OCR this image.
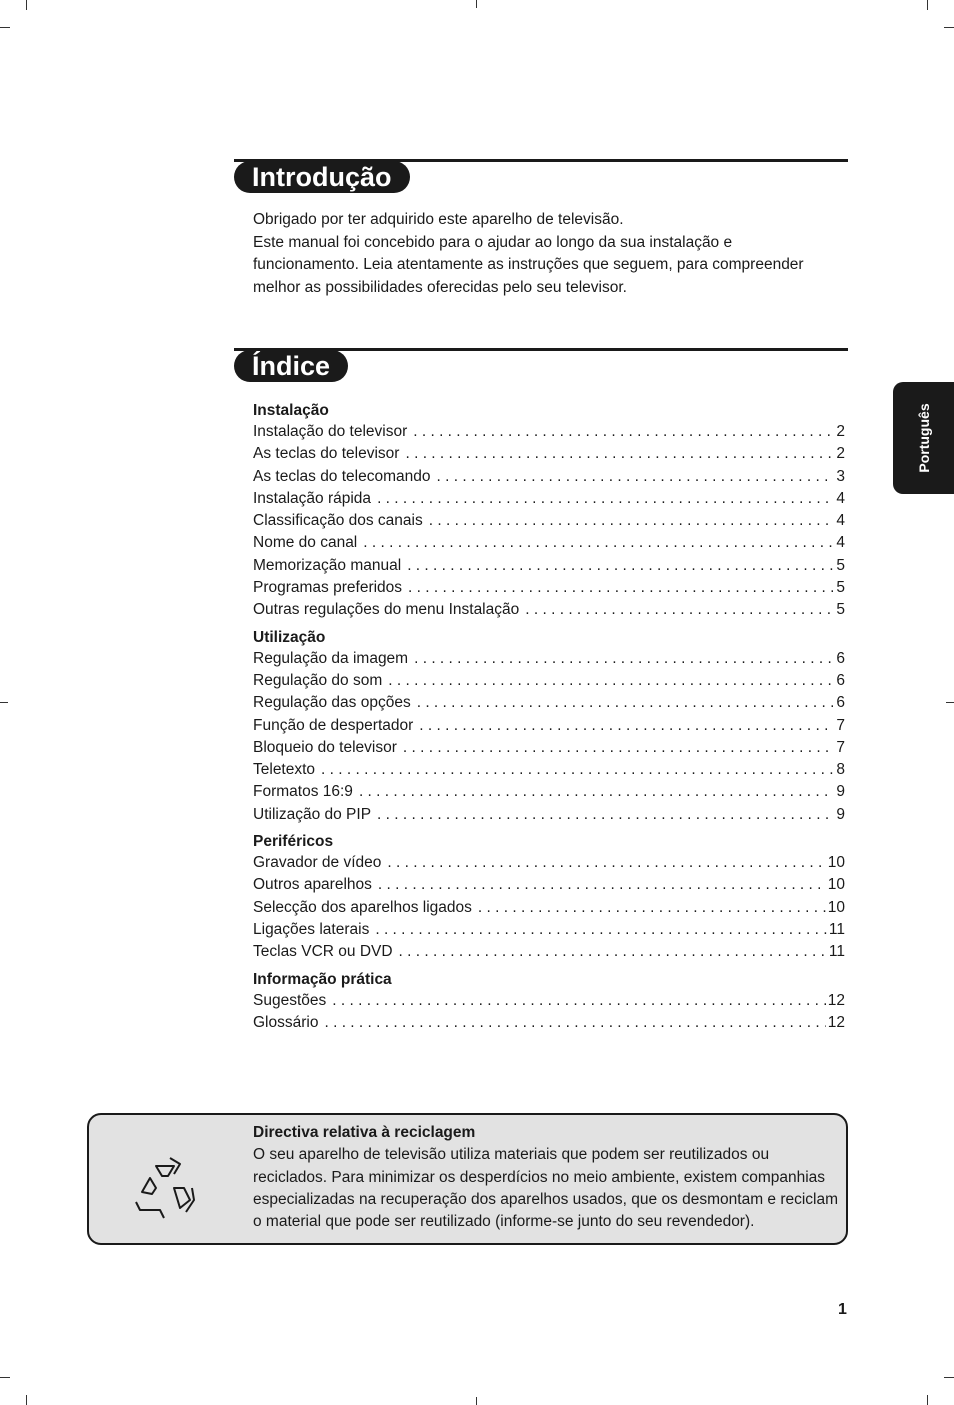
Introdução

Obrigado por ter adquirido este aparelho de televisão.

Este manual foi concebido para o ajudar ao longo da sua instalação e

funcionamento. Leia atentamente as instruções que seguem, para compreender

melhor as possibilidades oferecidas pelo seu televisor.

Índice
Instalação
Instalação do televisor . . .	2
As teclas do televisor . . .	2
As teclas do telecomando . . .	3
Instalação rápida . . .	4
Classificação dos canais . . .	4
Nome do canal . . .	4
Memorização manual . . .	5
Programas preferidos . . .	5
Outras regulações do menu Instalação . . .	5
Utilização
Regulação da imagem . . .	6
Regulação do som . . .	6
Regulação das opções . . .	6
Função de despertador . . .	7
Bloqueio do televisor . . .	7
Teletexto . . .	8
Formatos 16:9 . . .	9
Utilização do PIP . . .	9
Periféricos
Gravador de vídeo . . .	10
Outros aparelhos . . .	10
Selecção dos aparelhos ligados . . .	10
Ligações laterais . . .	11
Teclas VCR ou DVD . . .	11
Informação prática
Sugestões . . .	12
Glossário . . .	12
Português
Directiva relativa à reciclagem

O seu aparelho de televisão utiliza materiais que podem ser reutilizados ou

reciclados. Para minimizar os desperdícios no meio ambiente, existem companhias

especializadas na recuperação dos aparelhos usados, que os desmontam e reciclam

o material que pode ser reutilizado (informe-se junto do seu revendedor).

1
